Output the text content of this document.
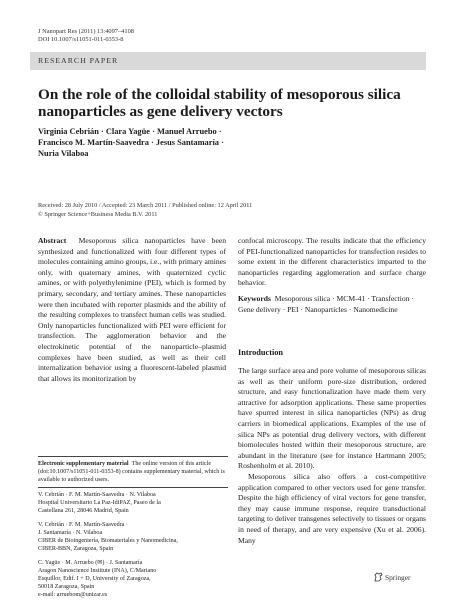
J Nanopart Res (2011) 13:4097–4108
DOI 10.1007/s11051-011-0353-8
RESEARCH PAPER
On the role of the colloidal stability of mesoporous silica
nanoparticles as gene delivery vectors
Virginia Cebrián · Clara Yagüe · Manuel Arruebo ·
Francisco M. Martín-Saavedra · Jesus Santamaría ·
Nuria Vilaboa
Received: 28 July 2010 / Accepted: 23 March 2011 / Published online: 12 April 2011
© Springer Science+Business Media B.V. 2011

Abstract Mesoporous silica nanoparticles have been synthesized and functionalized with four different types of molecules containing amino groups, i.e., with primary amines only, with quaternary amines, with quaternized cyclic amines, or with polyethylenimine (PEI), which is formed by primary, secondary, and tertiary amines. These nanoparticles were then incubated with reporter plasmids and the ability of the resulting complexes to transfect human cells was studied. Only nanoparticles functionalized with PEI were efficient for transfection. The agglomeration behavior and the electrokinetic potential of the nanoparticle–plasmid complexes have been studied, as well as their cell internalization behavior using a fluorescent-labeled plasmid that allows its monitorization by

Electronic supplementary material The online version of this article (doi:10.1007/s11051-011-0353-8) contains supplementary material, which is available to authorized users.
V. Cebrián · F. M. Martín-Saavedra · N. Vilaboa
Hospital Universitario La Paz-IdiPAZ, Paseo de la
Castellana 261, 28046 Madrid, Spain
V. Cebrián · F. M. Martín-Saavedra ·
J. Santamaría · N. Vilaboa
CIBER de Bioingeniería, Biomateriales y Nanomedicina,
CIBER-BBN, Zaragoza, Spain
C. Yagüe · M. Arruebo (✉) · J. Santamaría
Aragon Nanoscience Institute (INA), C/Mariano
Esquillor, Edif. I + D, University of Zaragoza,
50018 Zaragoza, Spain
e-mail: arruebom@unizar.es

confocal microscopy. The results indicate that the efficiency of PEI-functionalized nanoparticles for transfection resides to some extent in the different characteristics imparted to the nanoparticles regarding agglomeration and surface charge behavior.

Keywords Mesoporous silica · MCM-41 · Transfection · Gene delivery · PEI · Nanoparticles · Nanomedicine
Introduction

The large surface area and pore volume of mesoporous silicas as well as their uniform pore-size distribution, ordered structure, and easy functionalization have made them very attractive for adsorption applications. These same properties have spurred interest in silica nanoparticles (NPs) as drug carriers in biomedical applications. Examples of the use of silica NPs as potential drug delivery vectors, with different biomolecules hosted within their mesoporous structure, are abundant in the literature (see for instance Hartmann 2005; Roshenholm et al. 2010).

Mesoporous silica also offers a cost-competitive application compared to other vectors used for gene transfer. Despite the high efficiency of viral vectors for gene transfer, they may cause immune response, require transductional targeting to deliver transgenes selectively to tissues or organs in need of therapy, and are very expensive (Xu et al. 2006). Many

Springer
